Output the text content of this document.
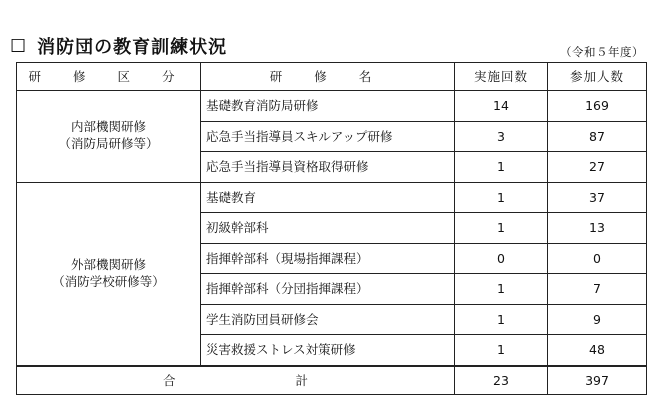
☐ 消防団の教育訓練状況	（令和５年度）
研 修 区 分	研 修 名	実施回数	参加人数

内部機関研修
（消防局研修等）	基礎教育消防局研修	14	169
	応急手当指導員スキルアップ研修	3	87
	応急手当指導員資格取得研修	1	27

外部機関研修
（消防学校研修等）	基礎教育	1	37
	初級幹部科	1	13
	指揮幹部科（現場指揮課程）	0	0
	指揮幹部科（分団指揮課程）	1	7
	学生消防団員研修会	1	9
	災害救援ストレス対策研修	1	48
合 計		23	397
